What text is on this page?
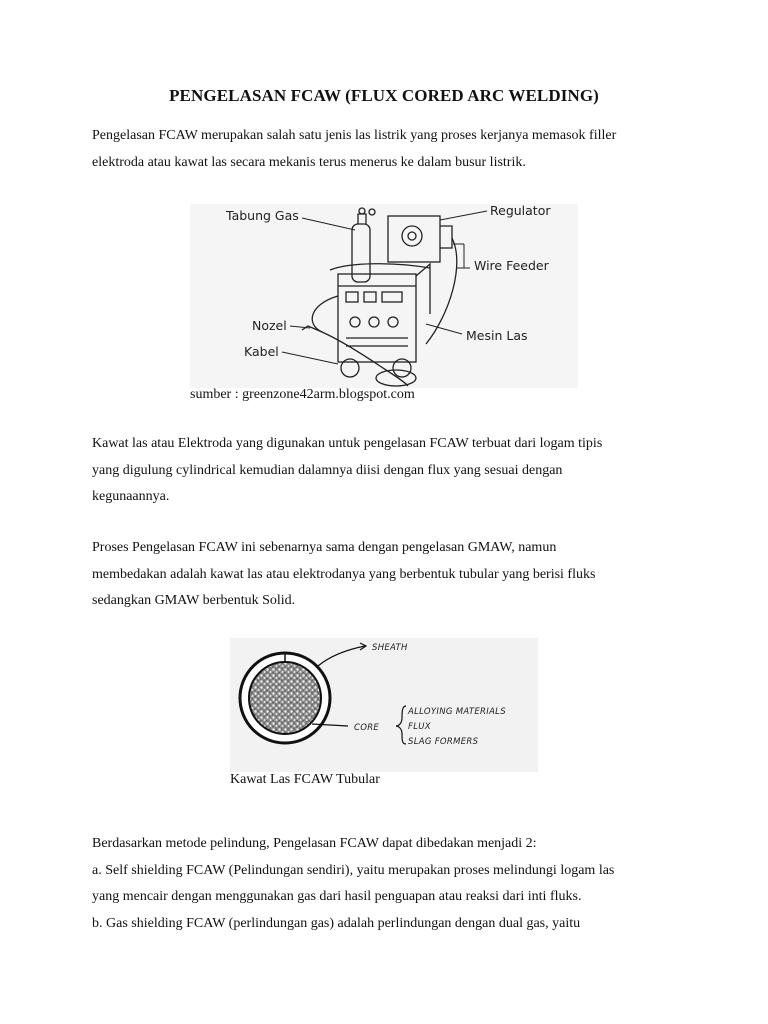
PENGELASAN FCAW (FLUX CORED ARC WELDING)

Pengelasan FCAW merupakan salah satu jenis las listrik yang proses kerjanya memasok filler
elektroda atau kawat las secara mekanis terus menerus ke dalam busur listrik.

Tabung Gas	Regulator
Wire Feeder
Nozel
Kabel
Mesin Las
sumber : greenzone42arm.blogspot.com

Kawat las atau Elektroda yang digunakan untuk pengelasan FCAW terbuat dari logam tipis
yang digulung cylindrical kemudian dalamnya diisi dengan flux yang sesuai dengan
kegunaannya.

Proses Pengelasan FCAW ini sebenarnya sama dengan pengelasan GMAW, namun
membedakan adalah kawat las atau elektrodanya yang berbentuk tubular yang berisi fluks
sedangkan GMAW berbentuk Solid.

SHEATH
CORE
ALLOYING MATERIALS
FLUX
SLAG FORMERS
Kawat Las FCAW Tubular

Berdasarkan metode pelindung, Pengelasan FCAW dapat dibedakan menjadi 2:
a. Self shielding FCAW (Pelindungan sendiri), yaitu merupakan proses melindungi logam las
yang mencair dengan menggunakan gas dari hasil penguapan atau reaksi dari inti fluks.
b. Gas shielding FCAW (perlindungan gas) adalah perlindungan dengan dual gas, yaitu
